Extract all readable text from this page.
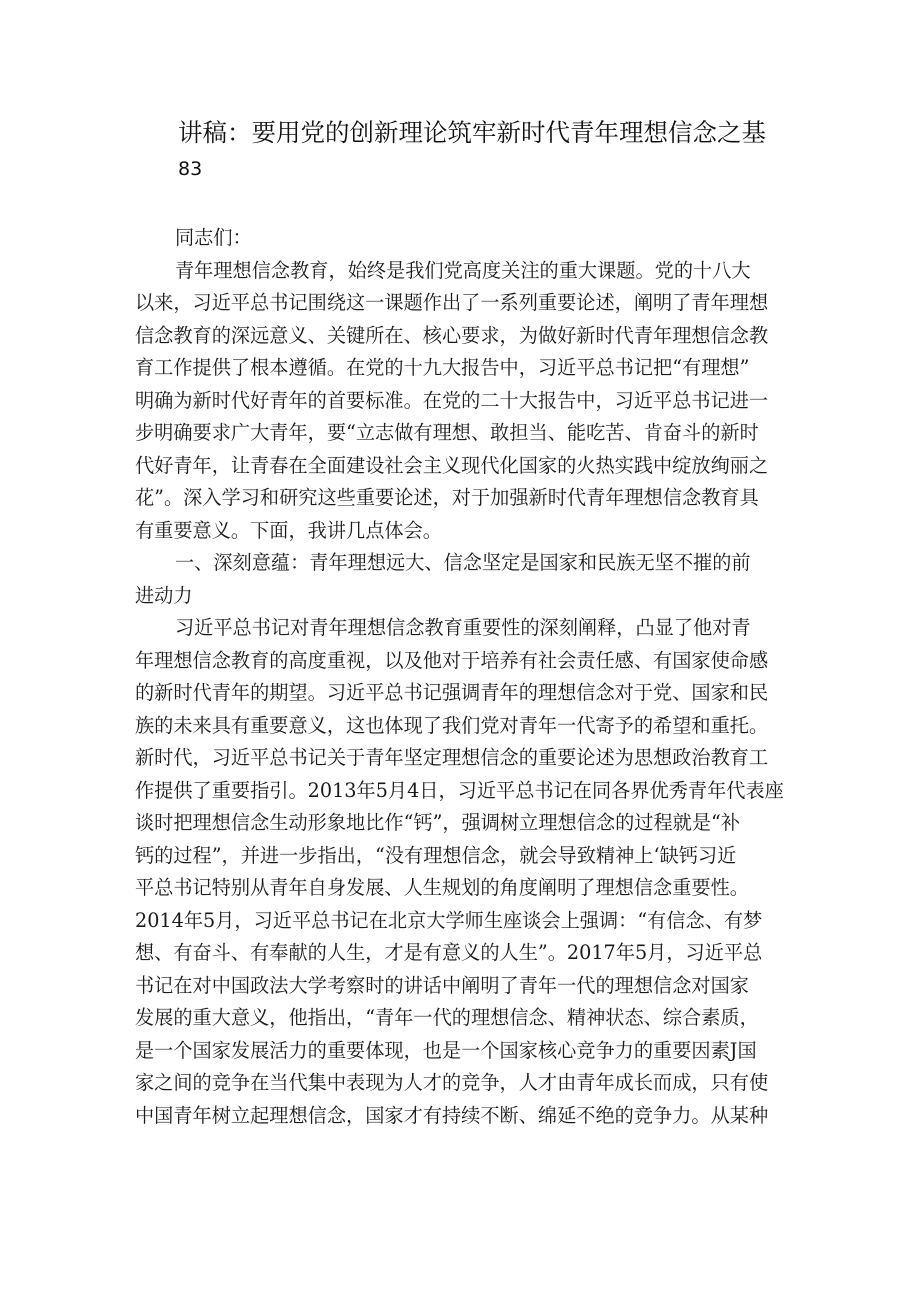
讲稿：要用党的创新理论筑牢新时代青年理想信念之基
83
同志们：
青年理想信念教育，始终是我们党高度关注的重大课题。党的十八大
以来，习近平总书记围绕这一课题作出了一系列重要论述，阐明了青年理想
信念教育的深远意义、关键所在、核心要求，为做好新时代青年理想信念教
育工作提供了根本遵循。在党的十九大报告中，习近平总书记把“有理想”
明确为新时代好青年的首要标准。在党的二十大报告中，习近平总书记进一
步明确要求广大青年，要“立志做有理想、敢担当、能吃苦、肯奋斗的新时
代好青年，让青春在全面建设社会主义现代化国家的火热实践中绽放绚丽之
花”。深入学习和研究这些重要论述，对于加强新时代青年理想信念教育具
有重要意义。下面，我讲几点体会。
一、深刻意蕴：青年理想远大、信念坚定是国家和民族无坚不摧的前
进动力
习近平总书记对青年理想信念教育重要性的深刻阐释，凸显了他对青
年理想信念教育的高度重视，以及他对于培养有社会责任感、有国家使命感
的新时代青年的期望。习近平总书记强调青年的理想信念对于党、国家和民
族的未来具有重要意义，这也体现了我们党对青年一代寄予的希望和重托。
新时代，习近平总书记关于青年坚定理想信念的重要论述为思想政治教育工
作提供了重要指引。2013年5月4日，习近平总书记在同各界优秀青年代表座
谈时把理想信念生动形象地比作“钙”，强调树立理想信念的过程就是“补
钙的过程”，并进一步指出，“没有理想信念，就会导致精神上‘缺钙习近
平总书记特别从青年自身发展、人生规划的角度阐明了理想信念重要性。
2014年5月，习近平总书记在北京大学师生座谈会上强调：“有信念、有梦
想、有奋斗、有奉献的人生，才是有意义的人生”。2017年5月，习近平总
书记在对中国政法大学考察时的讲话中阐明了青年一代的理想信念对国家
发展的重大意义，他指出，“青年一代的理想信念、精神状态、综合素质，
是一个国家发展活力的重要体现，也是一个国家核心竞争力的重要因素J国
家之间的竞争在当代集中表现为人才的竞争，人才由青年成长而成，只有使
中国青年树立起理想信念，国家才有持续不断、绵延不绝的竞争力。从某种
